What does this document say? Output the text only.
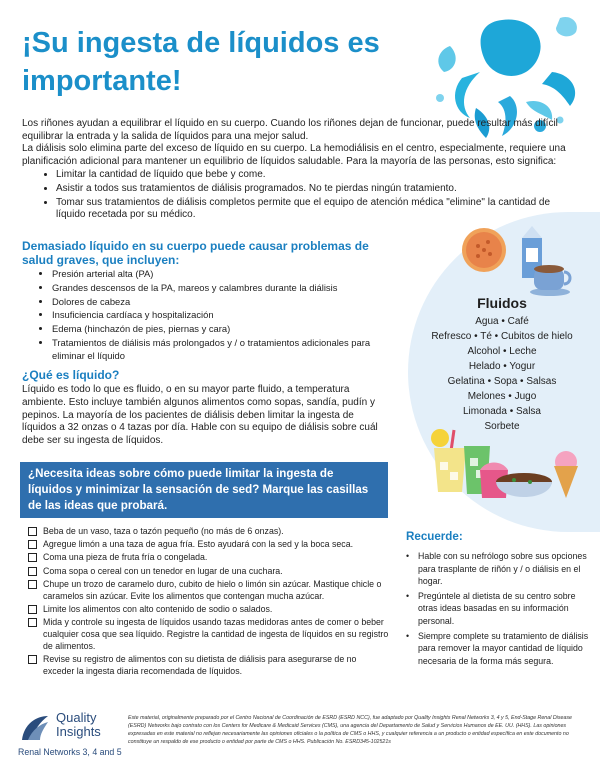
¡Su ingesta de líquidos es importante!

Los riñones ayudan a equilibrar el líquido en su cuerpo. Cuando los riñones dejan de funcionar, puede resultar más difícil equilibrar la entrada y la salida de líquidos para una mejor salud.

La diálisis solo elimina parte del exceso de líquido en su cuerpo. La hemodiálisis en el centro, especialmente, requiere una planificación adicional para mantener un equilibrio de líquidos saludable. Para la mayoría de las personas, esto significa:

• Limitar la cantidad de líquido que bebe y come.
• Asistir a todos sus tratamientos de diálisis programados. No te pierdas ningún tratamiento.
• Tomar sus tratamientos de diálisis completos permite que el equipo de atención médica "elimine" la cantidad de líquido recetada por su médico.
Demasiado líquido en su cuerpo puede causar problemas de salud graves, que incluyen:
• Presión arterial alta (PA)
• Grandes descensos de la PA, mareos y calambres durante la diálisis
• Dolores de cabeza
• Insuficiencia cardíaca y hospitalización
• Edema (hinchazón de pies, piernas y cara)
• Tratamientos de diálisis más prolongados y / o tratamientos adicionales para eliminar el líquido
¿Qué es líquido?

Líquido es todo lo que es fluido, o en su mayor parte fluido, a temperatura ambiente. Esto incluye también algunos alimentos como sopas, sandía, pudín y pepinos. La mayoría de los pacientes de diálisis deben limitar la ingesta de líquidos a 32 onzas o 4 tazas por día. Hable con su equipo de diálisis sobre cuál debe ser su ingesta de líquidos.

Fluidos
Agua • Café
Refresco • Té • Cubitos de hielo
Alcohol • Leche
Helado • Yogur
Gelatina • Sopa • Salsas
Melones • Jugo
Limonada • Salsa
Sorbete
¿Necesita ideas sobre cómo puede limitar la ingesta de líquidos y minimizar la sensación de sed? Marque las casillas de las ideas que probará.
Beba de un vaso, taza o tazón pequeño (no más de 6 onzas).
Agregue limón a una taza de agua fría. Esto ayudará con la sed y la boca seca.
Coma una pieza de fruta fría o congelada.
Coma sopa o cereal con un tenedor en lugar de una cuchara.
Chupe un trozo de caramelo duro, cubito de hielo o limón sin azúcar. Mastique chicle o caramelos sin azúcar. Evite los alimentos que contengan mucha azúcar.
Limite los alimentos con alto contenido de sodio o salados.
Mida y controle su ingesta de líquidos usando tazas medidoras antes de comer o beber cualquier cosa que sea líquido. Registre la cantidad de ingesta de líquidos en su registro de alimentos.
Revise su registro de alimentos con su dietista de diálisis para asegurarse de no exceder la ingesta diaria recomendada de líquidos.
Recuerde:
• Hable con su nefrólogo sobre sus opciones para trasplante de riñón y / o diálisis en el hogar.
• Pregúntele al dietista de su centro sobre otras ideas basadas en su información personal.
• Siempre complete su tratamiento de diálisis para remover la mayor cantidad de líquido necesaria de la forma más segura.
Quality
Insights
Renal Networks 3, 4 and 5

Este material, originalmente preparado por el Centro Nacional de Coordinación de ESRD (ESRD NCC), fue adaptado por Quality Insights Renal Networks 3, 4 y 5, End-Stage Renal Disease (ESRD) Networks bajo contrato con los Centers for Medicare & Medicaid Services (CMS), una agencia del Departamento de Salud y Servicios Humanos de EE. UU. (HHS). Las opiniones expresadas en este material no reflejan necesariamente las opiniones oficiales o la política de CMS o HHS, y cualquier referencia a un producto o entidad específica en este documento no constituye un respaldo de ese producto o entidad por parte de CMS o HHS. Publicación No. ESRD345-102521s
